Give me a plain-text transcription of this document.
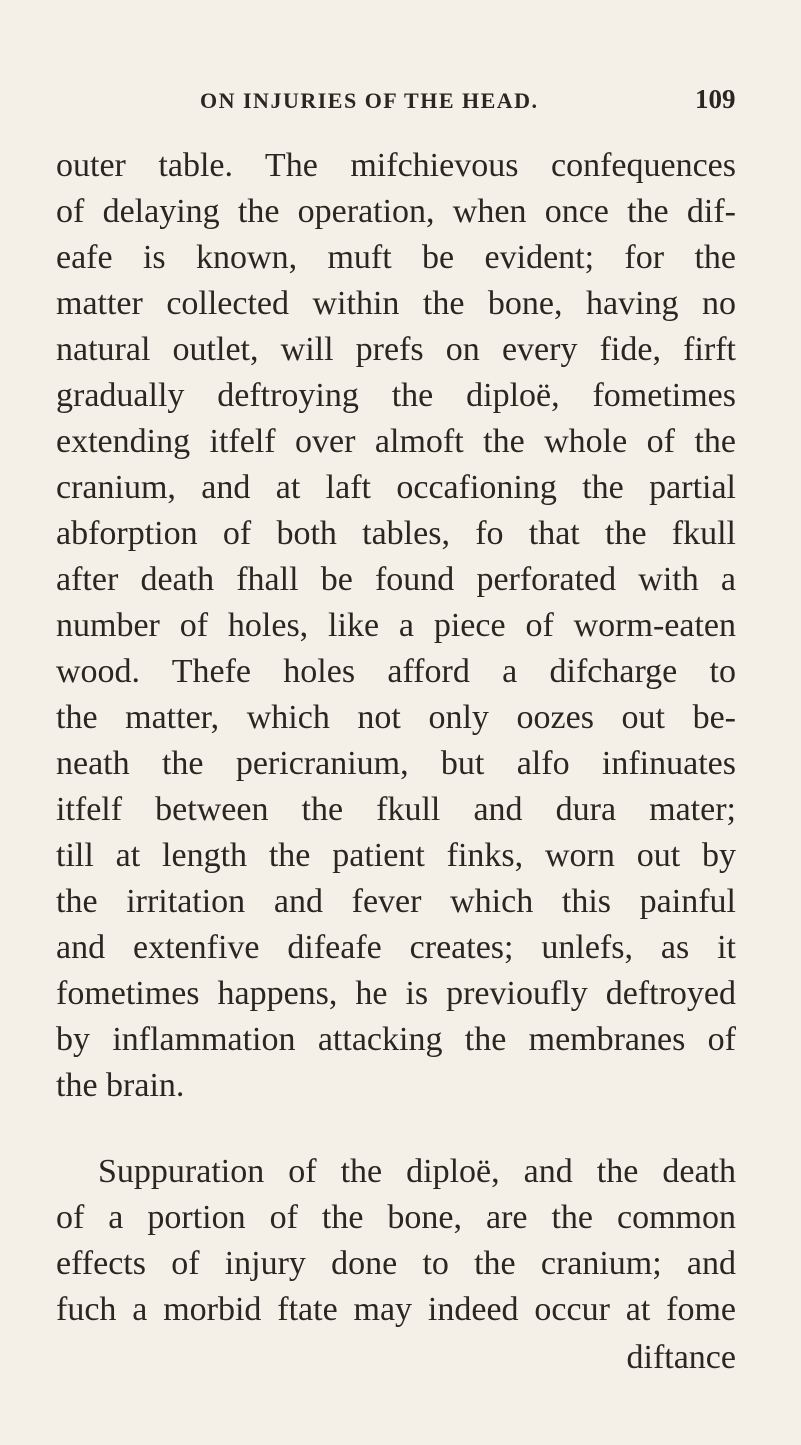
ON INJURIES OF THE HEAD.	109
outer table. The mifchievous confequences
of delaying the operation, when once the dif-
eafe is known, muft be evident; for the
matter collected within the bone, having no
natural outlet, will prefs on every fide, firft
gradually deftroying the diploë, fometimes
extending itfelf over almoft the whole of the
cranium, and at laft occafioning the partial
abforption of both tables, fo that the fkull
after death fhall be found perforated with a
number of holes, like a piece of worm-eaten
wood. Thefe holes afford a difcharge to
the matter, which not only oozes out be-
neath the pericranium, but alfo infinuates
itfelf between the fkull and dura mater;
till at length the patient finks, worn out by
the irritation and fever which this painful
and extenfive difeafe creates; unlefs, as it
fometimes happens, he is previoufly deftroyed
by inflammation attacking the membranes of
the brain.
Suppuration of the diploë, and the death
of a portion of the bone, are the common
effects of injury done to the cranium; and
fuch a morbid ftate may indeed occur at fome
diftance
